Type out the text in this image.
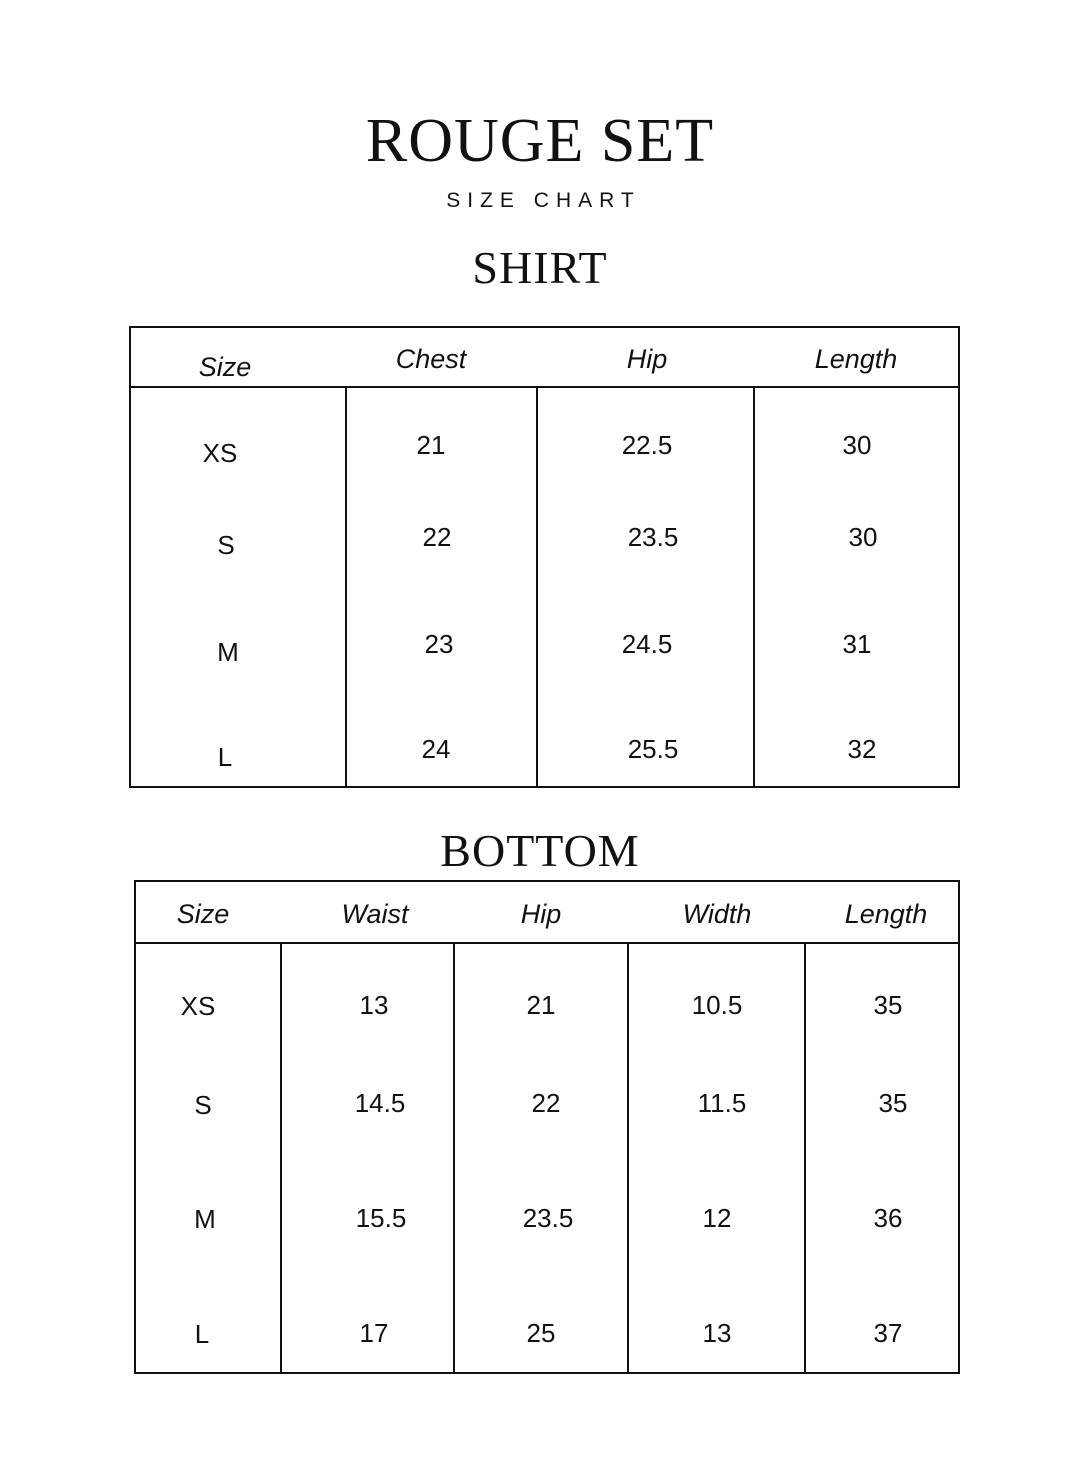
ROUGE SET
SIZE CHART
SHIRT
Size	Chest	Hip	Length
XS	21	22.5	30
S	22	23.5	30
M	23	24.5	31
L	24	25.5	32
BOTTOM
Size	Waist	Hip	Width	Length
XS	13	21	10.5	35
S	14.5	22	11.5	35
M	15.5	23.5	12	36
L	17	25	13	37
